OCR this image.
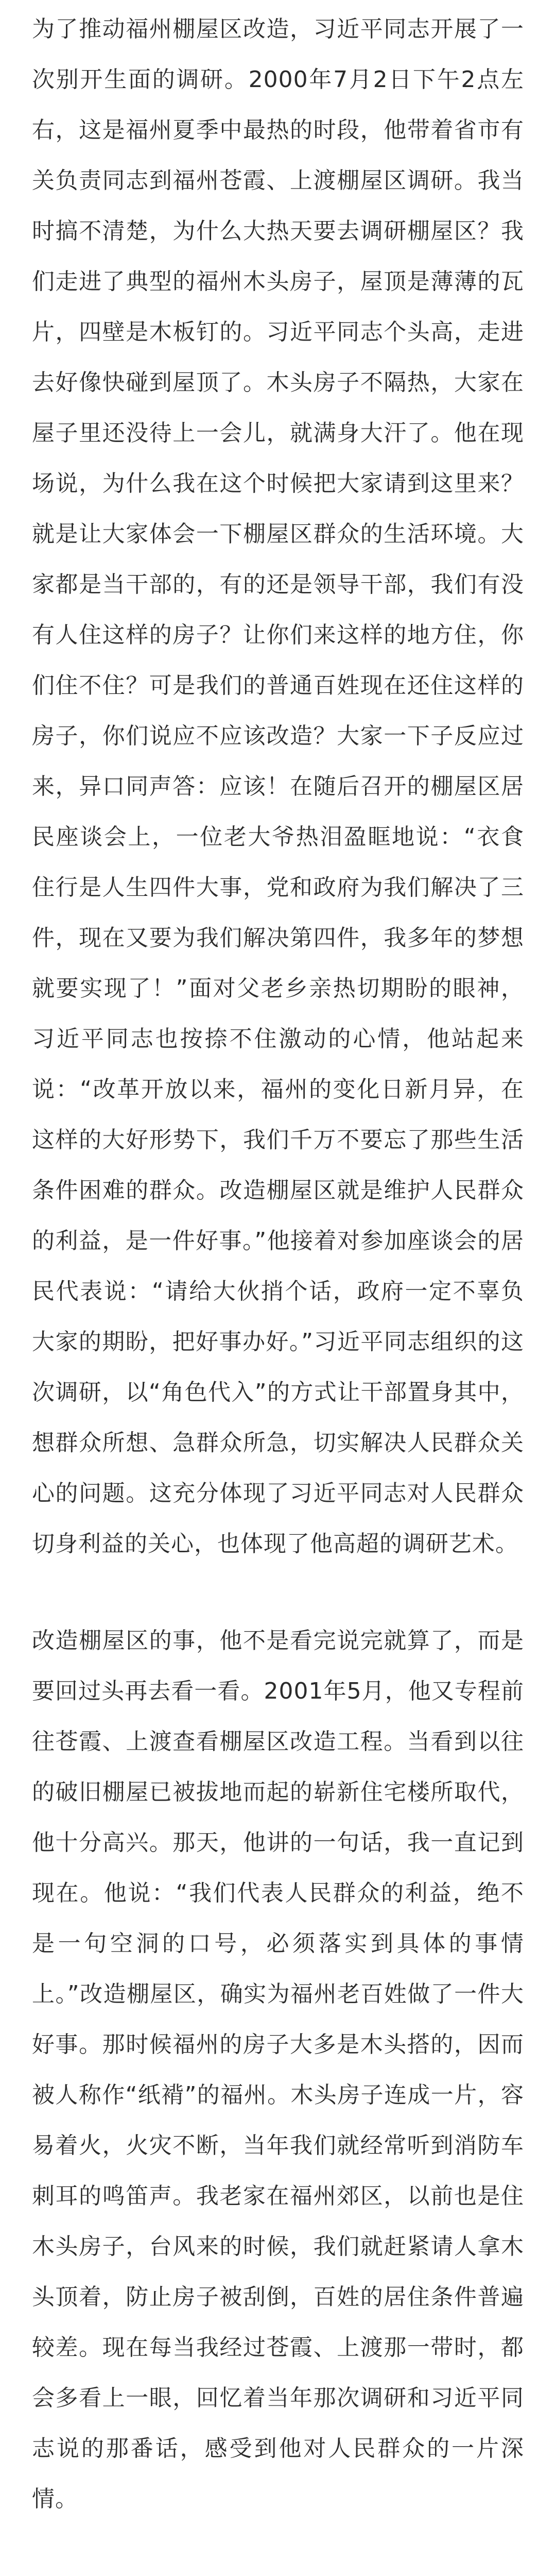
为了推动福州棚屋区改造，习近平同志开展了一次别开生面的调研。2000年7月2日下午2点左右，这是福州夏季中最热的时段，他带着省市有关负责同志到福州苍霞、上渡棚屋区调研。我当时搞不清楚，为什么大热天要去调研棚屋区？我们走进了典型的福州木头房子，屋顶是薄薄的瓦片，四壁是木板钉的。习近平同志个头高，走进去好像快碰到屋顶了。木头房子不隔热，大家在屋子里还没待上一会儿，就满身大汗了。他在现场说，为什么我在这个时候把大家请到这里来？就是让大家体会一下棚屋区群众的生活环境。大家都是当干部的，有的还是领导干部，我们有没有人住这样的房子？让你们来这样的地方住，你们住不住？可是我们的普通百姓现在还住这样的房子，你们说应不应该改造？大家一下子反应过来，异口同声答：应该！在随后召开的棚屋区居民座谈会上，一位老大爷热泪盈眶地说：“衣食住行是人生四件大事，党和政府为我们解决了三件，现在又要为我们解决第四件，我多年的梦想就要实现了！”面对父老乡亲热切期盼的眼神，习近平同志也按捺不住激动的心情，他站起来说：“改革开放以来，福州的变化日新月异，在这样的大好形势下，我们千万不要忘了那些生活条件困难的群众。改造棚屋区就是维护人民群众的利益，是一件好事。”他接着对参加座谈会的居民代表说：“请给大伙捎个话，政府一定不辜负大家的期盼，把好事办好。”习近平同志组织的这次调研，以“角色代入”的方式让干部置身其中，想群众所想、急群众所急，切实解决人民群众关心的问题。这充分体现了习近平同志对人民群众切身利益的关心，也体现了他高超的调研艺术。

改造棚屋区的事，他不是看完说完就算了，而是要回过头再去看一看。2001年5月，他又专程前往苍霞、上渡查看棚屋区改造工程。当看到以往的破旧棚屋已被拔地而起的崭新住宅楼所取代，他十分高兴。那天，他讲的一句话，我一直记到现在。他说：“我们代表人民群众的利益，绝不是一句空洞的口号，必须落实到具体的事情上。”改造棚屋区，确实为福州老百姓做了一件大好事。那时候福州的房子大多是木头搭的，因而被人称作“纸褙”的福州。木头房子连成一片，容易着火，火灾不断，当年我们就经常听到消防车刺耳的鸣笛声。我老家在福州郊区，以前也是住木头房子，台风来的时候，我们就赶紧请人拿木头顶着，防止房子被刮倒，百姓的居住条件普遍较差。现在每当我经过苍霞、上渡那一带时，都会多看上一眼，回忆着当年那次调研和习近平同志说的那番话，感受到他对人民群众的一片深情。
